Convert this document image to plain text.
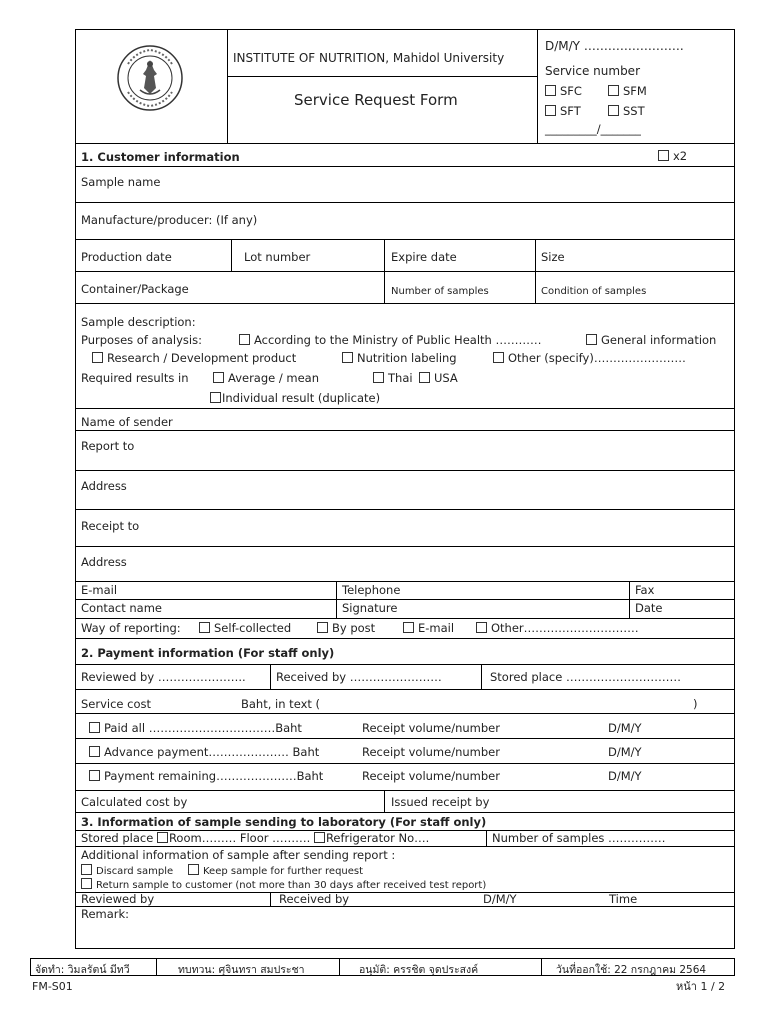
INSTITUTE OF NUTRITION, Mahidol University
Service Request Form
D/M/Y …………………….
Service number
SFC	SFM
SFT	SST
_________/_______
1. Customer information	x2
Sample name
Manufacture/producer: (If any)
Production date	Lot number	Expire date	Size
Container/Package	Number of samples	Condition of samples
Sample description:
Purposes of analysis:	According to the Ministry of Public Health …………	General information
Research / Development product	Nutrition labeling	Other (specify)……………………
Required results in	Average / mean	Thai	USA
Individual result (duplicate)
Name of sender
Report to
Address
Receipt to
Address
E-mail	Telephone	Fax
Contact name	Signature	Date
Way of reporting:	Self-collected	By post	E-mail	Other…………………………
2. Payment information (For staff only)
Reviewed by …………………..	Received by ……………………	Stored place …………………………
Service cost	Baht, in text (	)
Paid all ……………………………Baht	Receipt volume/number	D/M/Y
Advance payment………………… Baht	Receipt volume/number	D/M/Y
Payment remaining…………………Baht	Receipt volume/number	D/M/Y
Calculated cost by	Issued receipt by
3. Information of sample sending to laboratory (For staff only)
Stored place Room……… Floor ………. Refrigerator No….	Number of samples ……………
Additional information of sample after sending report :
Discard sample	Keep sample for further request
Return sample to customer (not more than 30 days after received test report)
Reviewed by	Received by	D/M/Y	Time
Remark:
จัดทำ: วิมลรัตน์ มีทวี	ทบทวน: ศุจินทรา สมประชา	อนุมัติ: ครรชิต จุดประสงค์	วันที่ออกใช้: 22 กรกฎาคม 2564
FM-S01	หน้า 1 / 2
